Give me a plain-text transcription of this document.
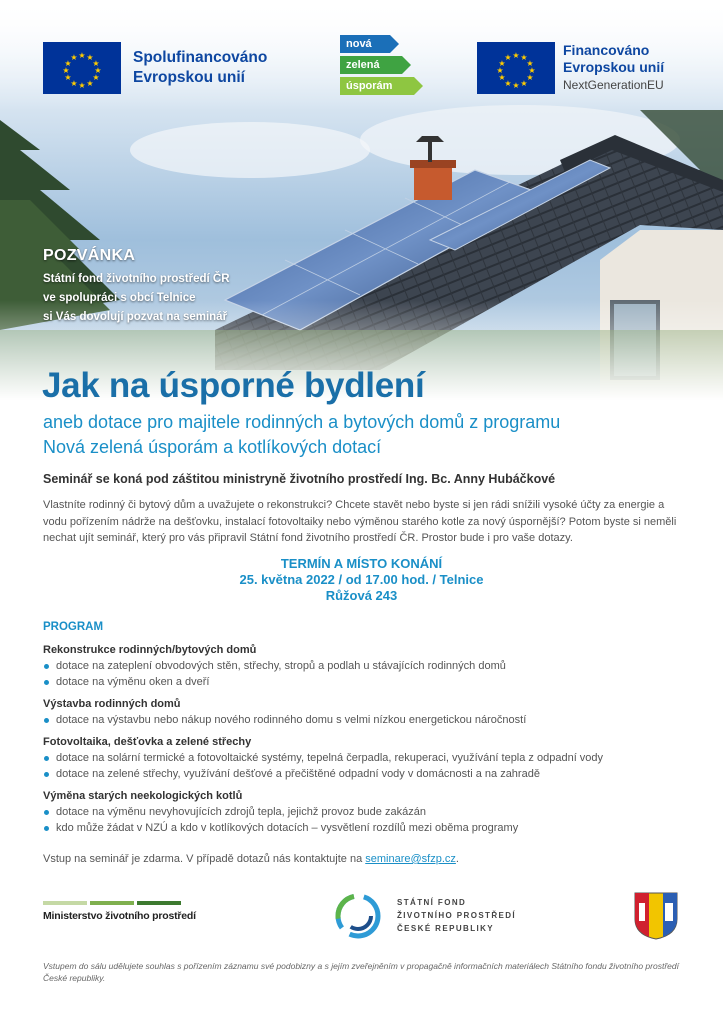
★ ★
★
★
★
★
★
★
★
★
★
★	Spolufinancováno
Evropskou unií
nová
zelená
úsporám
★ ★
★
★
★
★
★
★
★
★
★
★	Financováno
Evropskou unií
NextGenerationEU
POZVÁNKA
Státní fond životního prostředí ČR
ve spolupráci s obcí Telnice
si Vás dovolují pozvat na seminář
Jak na úsporné bydlení
aneb dotace pro majitele rodinných a bytových domů z programu
Nová zelená úsporám a kotlíkových dotací
Seminář se koná pod záštitou ministryně životního prostředí Ing. Bc. Anny Hubáčkové
Vlastníte rodinný či bytový dům a uvažujete o rekonstrukci? Chcete stavět nebo byste si jen rádi snížili vysoké účty za energie a vodu pořízením nádrže na dešťovku, instalací fotovoltaiky nebo výměnou starého kotle za nový úspornější? Potom byste si neměli nechat ujít seminář, který pro vás připravil Státní fond životního prostředí ČR. Prostor bude i pro vaše dotazy.
TERMÍN A MÍSTO KONÁNÍ
25. května 2022 / od 17.00 hod. / Telnice
Růžová 243
PROGRAM
Rekonstrukce rodinných/bytových domů
dotace na zateplení obvodových stěn, střechy, stropů a podlah u stávajících rodinných domů
dotace na výměnu oken a dveří
Výstavba rodinných domů
dotace na výstavbu nebo nákup nového rodinného domu s velmi nízkou energetickou náročností
Fotovoltaika, dešťovka a zelené střechy
dotace na solární termické a fotovoltaické systémy, tepelná čerpadla, rekuperaci, využívání tepla z odpadní vody
dotace na zelené střechy, využívání dešťové a přečištěné odpadní vody v domácnosti a na zahradě
Výměna starých neekologických kotlů
dotace na výměnu nevyhovujících zdrojů tepla, jejichž provoz bude zakázán
kdo může žádat v NZÚ a kdo v kotlíkových dotacích – vysvětlení rozdílů mezi oběma programy
Vstup na seminář je zdarma. V případě dotazů nás kontaktujte na seminare@sfzp.cz.
Ministerstvo životního prostředí
STÁTNÍ FOND
ŽIVOTNÍHO PROSTŘEDÍ
ČESKÉ REPUBLIKY
Vstupem do sálu udělujete souhlas s pořízením záznamu své podobizny a s jejím zveřejněním v propagačně informačních materiálech Státního fondu životního prostředí České republiky.
